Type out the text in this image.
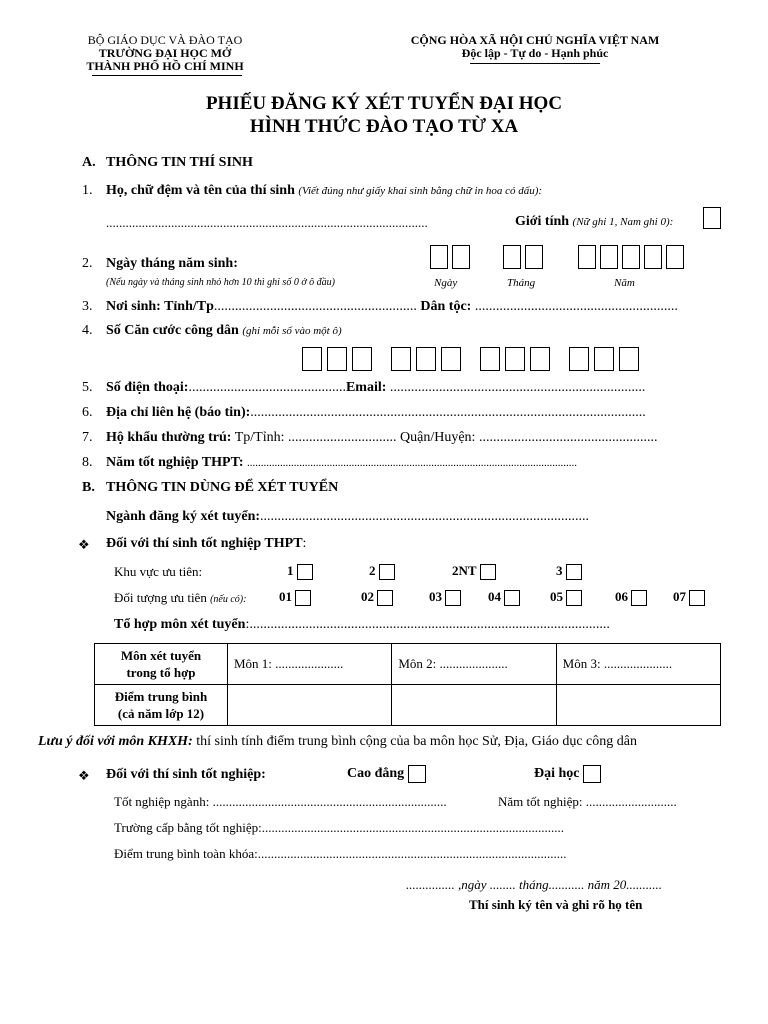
BỘ GIÁO DỤC VÀ ĐÀO TẠO
TRƯỜNG ĐẠI HỌC MỞ
THÀNH PHỐ HỒ CHÍ MINH
CỘNG HÒA XÃ HỘI CHỦ NGHĨA VIỆT NAM
Độc lập - Tự do - Hạnh phúc
PHIẾU ĐĂNG KÝ XÉT TUYỂN ĐẠI HỌC
HÌNH THỨC ĐÀO TẠO TỪ XA
A. THÔNG TIN THÍ SINH
1. Họ, chữ đệm và tên của thí sinh (Viết đúng như giấy khai sinh bằng chữ in hoa có dấu):
...................................................................................................	Giới tính (Nữ ghi 1, Nam ghi 0):
2. Ngày tháng năm sinh:
(Nếu ngày và tháng sinh nhỏ hơn 10 thì ghi số 0 ở ô đầu)	Ngày	Tháng	Năm
3. Nơi sinh: Tỉnh/Tp.......................................................... Dân tộc: ..........................................................
4. Số Căn cước công dân (ghi mỗi số vào một ô)
5. Số điện thoại:.............................................Email: .........................................................................
6. Địa chỉ liên hệ (báo tin):.................................................................................................................
7. Hộ khẩu thường trú: Tp/Tỉnh: ............................... Quận/Huyện: ...................................................
8. Năm tốt nghiệp THPT: ........................................................................................................................
B. THÔNG TIN DÙNG ĐỂ XÉT TUYỂN
Ngành đăng ký xét tuyển:..............................................................................................
❖ Đối với thí sinh tốt nghiệp THPT:
Khu vực ưu tiên:	1	2	2NT	3
Đối tượng ưu tiên (nếu có):	01	02	03	04	05	06	07
Tổ hợp môn xét tuyển:.......................................................................................................
Môn xét tuyển
trong tổ hợp	Môn 1: .....................	Môn 2: .....................	Môn 3: .....................

Điểm trung bình
(cả năm lớp 12)			

Lưu ý đối với môn KHXH: thí sinh tính điểm trung bình cộng của ba môn học Sử, Địa, Giáo dục công dân
❖ Đối với thí sinh tốt nghiệp:	Cao đẳng	Đại học
Tốt nghiệp ngành: ........................................................................	Năm tốt nghiệp: ............................
Trường cấp bằng tốt nghiệp:.............................................................................................
Điểm trung bình toàn khóa:...............................................................................................
............... ,ngày ........ tháng........... năm 20...........
Thí sinh ký tên và ghi rõ họ tên
